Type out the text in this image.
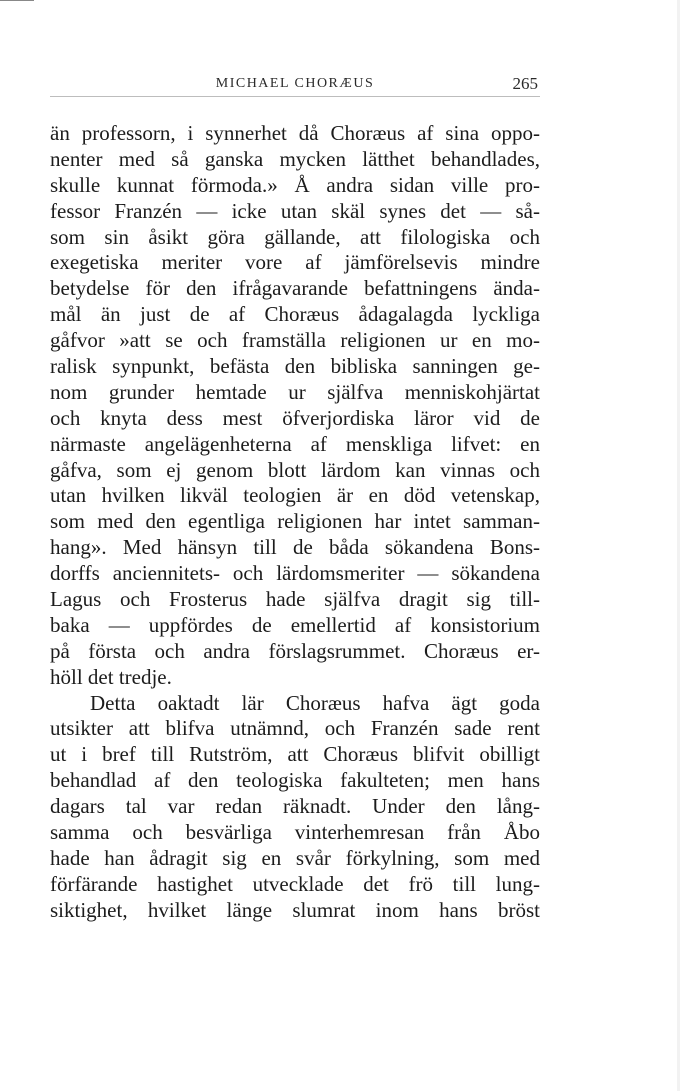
MICHAEL CHORÆUS	265
än professorn, i synnerhet då Choræus af sina oppo-
nenter med så ganska mycken lätthet behandlades,
skulle kunnat förmoda.» Å andra sidan ville pro-
fessor Franzén — icke utan skäl synes det — så-
som sin åsikt göra gällande, att filologiska och
exegetiska meriter vore af jämförelsevis mindre
betydelse för den ifrågavarande befattningens ända-
mål än just de af Choræus ådagalagda lyckliga
gåfvor »att se och framställa religionen ur en mo-
ralisk synpunkt, befästa den bibliska sanningen ge-
nom grunder hemtade ur själfva menniskohjärtat
och knyta dess mest öfverjordiska läror vid de
närmaste angelägenheterna af menskliga lifvet: en
gåfva, som ej genom blott lärdom kan vinnas och
utan hvilken likväl teologien är en död vetenskap,
som med den egentliga religionen har intet samman-
hang». Med hänsyn till de båda sökandena Bons-
dorffs anciennitets- och lärdomsmeriter — sökandena
Lagus och Frosterus hade själfva dragit sig till-
baka — uppfördes de emellertid af konsistorium
på första och andra förslagsrummet. Choræus er-
höll det tredje.
Detta oaktadt lär Choræus hafva ägt goda
utsikter att blifva utnämnd, och Franzén sade rent
ut i bref till Rutström, att Choræus blifvit obilligt
behandlad af den teologiska fakulteten; men hans
dagars tal var redan räknadt. Under den lång-
samma och besvärliga vinterhemresan från Åbo
hade han ådragit sig en svår förkylning, som med
förfärande hastighet utvecklade det frö till lung-
siktighet, hvilket länge slumrat inom hans bröst
